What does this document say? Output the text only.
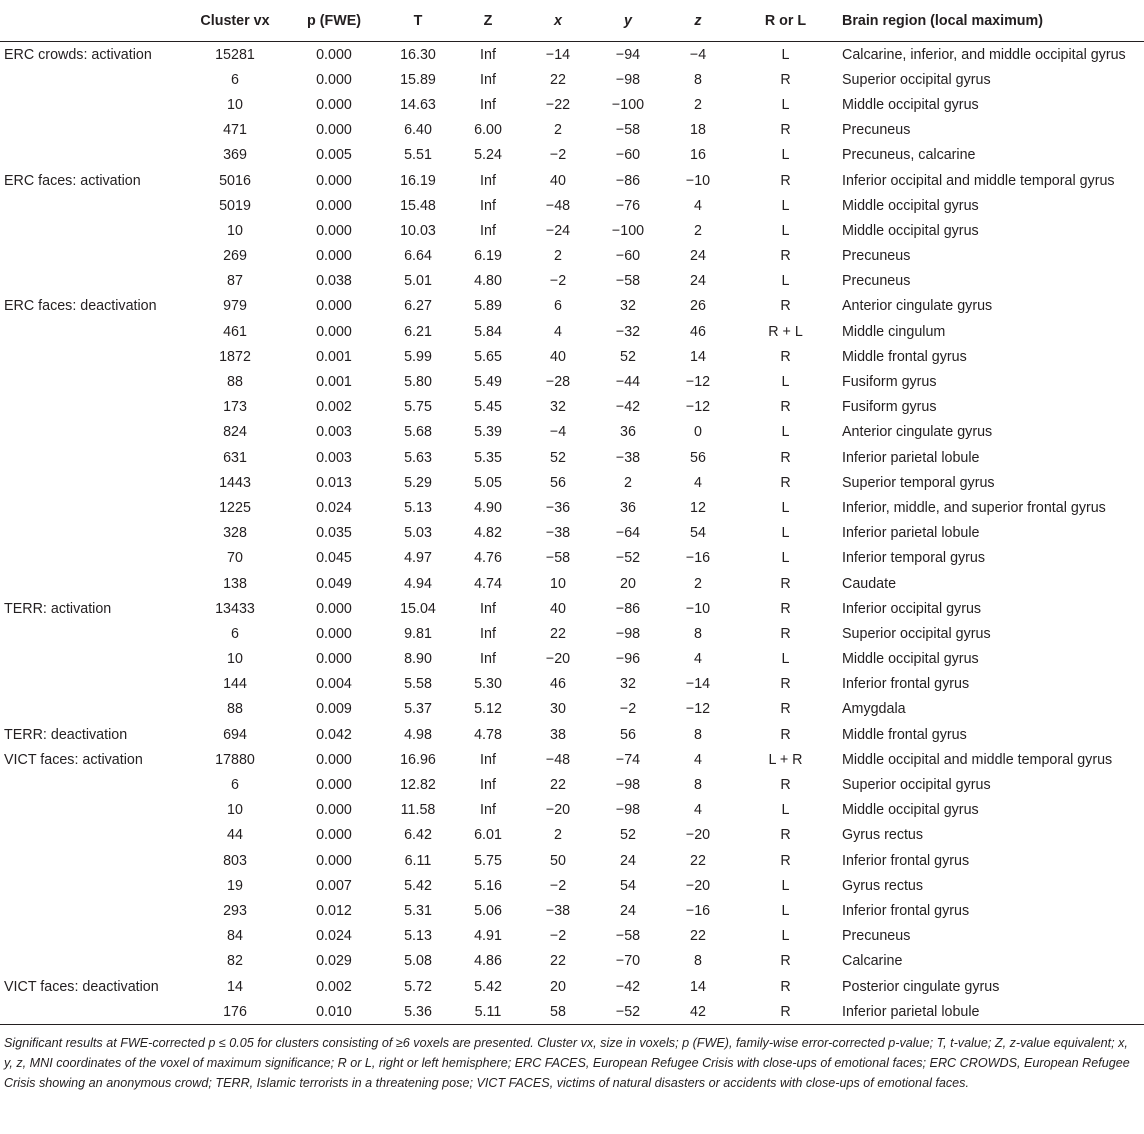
	Cluster vx	p (FWE)	T	Z	x	y	z	R or L	Brain region (local maximum)
ERC crowds: activation	15281	0.000	16.30	Inf	−14	−94	−4	L	Calcarine, inferior, and middle occipital gyrus
	6	0.000	15.89	Inf	22	−98	8	R	Superior occipital gyrus
	10	0.000	14.63	Inf	−22	−100	2	L	Middle occipital gyrus
	471	0.000	6.40	6.00	2	−58	18	R	Precuneus
	369	0.005	5.51	5.24	−2	−60	16	L	Precuneus, calcarine
ERC faces: activation	5016	0.000	16.19	Inf	40	−86	−10	R	Inferior occipital and middle temporal gyrus
	5019	0.000	15.48	Inf	−48	−76	4	L	Middle occipital gyrus
	10	0.000	10.03	Inf	−24	−100	2	L	Middle occipital gyrus
	269	0.000	6.64	6.19	2	−60	24	R	Precuneus
	87	0.038	5.01	4.80	−2	−58	24	L	Precuneus
ERC faces: deactivation	979	0.000	6.27	5.89	6	32	26	R	Anterior cingulate gyrus
	461	0.000	6.21	5.84	4	−32	46	R + L	Middle cingulum
	1872	0.001	5.99	5.65	40	52	14	R	Middle frontal gyrus
	88	0.001	5.80	5.49	−28	−44	−12	L	Fusiform gyrus
	173	0.002	5.75	5.45	32	−42	−12	R	Fusiform gyrus
	824	0.003	5.68	5.39	−4	36	0	L	Anterior cingulate gyrus
	631	0.003	5.63	5.35	52	−38	56	R	Inferior parietal lobule
	1443	0.013	5.29	5.05	56	2	4	R	Superior temporal gyrus
	1225	0.024	5.13	4.90	−36	36	12	L	Inferior, middle, and superior frontal gyrus
	328	0.035	5.03	4.82	−38	−64	54	L	Inferior parietal lobule
	70	0.045	4.97	4.76	−58	−52	−16	L	Inferior temporal gyrus
	138	0.049	4.94	4.74	10	20	2	R	Caudate
TERR: activation	13433	0.000	15.04	Inf	40	−86	−10	R	Inferior occipital gyrus
	6	0.000	9.81	Inf	22	−98	8	R	Superior occipital gyrus
	10	0.000	8.90	Inf	−20	−96	4	L	Middle occipital gyrus
	144	0.004	5.58	5.30	46	32	−14	R	Inferior frontal gyrus
	88	0.009	5.37	5.12	30	−2	−12	R	Amygdala
TERR: deactivation	694	0.042	4.98	4.78	38	56	8	R	Middle frontal gyrus
VICT faces: activation	17880	0.000	16.96	Inf	−48	−74	4	L + R	Middle occipital and middle temporal gyrus
	6	0.000	12.82	Inf	22	−98	8	R	Superior occipital gyrus
	10	0.000	11.58	Inf	−20	−98	4	L	Middle occipital gyrus
	44	0.000	6.42	6.01	2	52	−20	R	Gyrus rectus
	803	0.000	6.11	5.75	50	24	22	R	Inferior frontal gyrus
	19	0.007	5.42	5.16	−2	54	−20	L	Gyrus rectus
	293	0.012	5.31	5.06	−38	24	−16	L	Inferior frontal gyrus
	84	0.024	5.13	4.91	−2	−58	22	L	Precuneus
	82	0.029	5.08	4.86	22	−70	8	R	Calcarine
VICT faces: deactivation	14	0.002	5.72	5.42	20	−42	14	R	Posterior cingulate gyrus
	176	0.010	5.36	5.11	58	−52	42	R	Inferior parietal lobule
Significant results at FWE-corrected p ≤ 0.05 for clusters consisting of ≥6 voxels are presented. Cluster vx, size in voxels; p (FWE), family-wise error-corrected p-value; T, t-value; Z, z-value equivalent; x, y, z, MNI coordinates of the voxel of maximum significance; R or L, right or left hemisphere; ERC FACES, European Refugee Crisis with close-ups of emotional faces; ERC CROWDS, European Refugee Crisis showing an anonymous crowd; TERR, Islamic terrorists in a threatening pose; VICT FACES, victims of natural disasters or accidents with close-ups of emotional faces.
